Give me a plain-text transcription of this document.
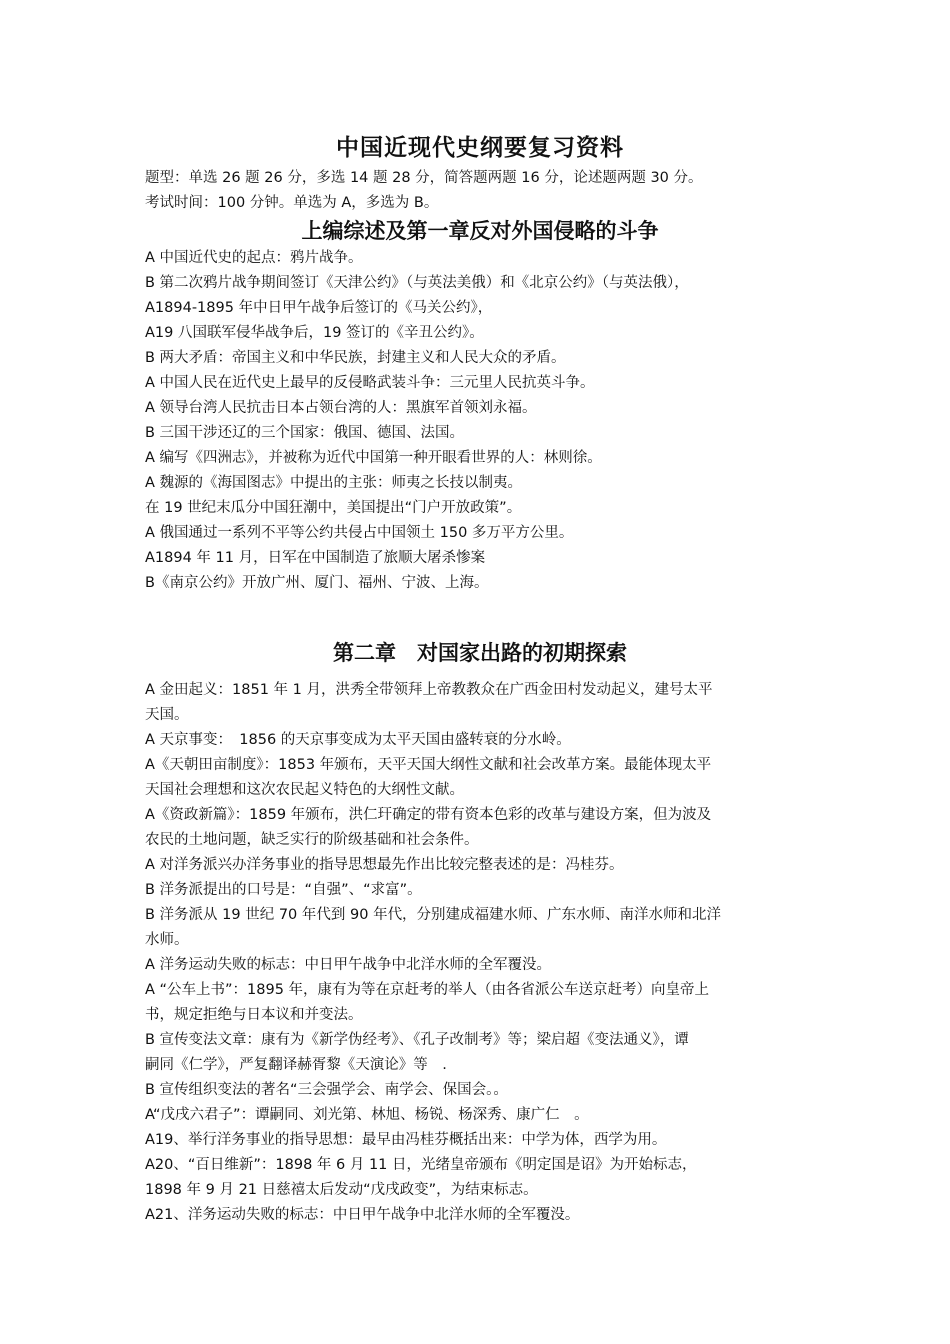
中国近现代史纲要复习资料

题型：单选 26 题 26 分，多选 14 题 28 分，简答题两题 16 分，论述题两题 30 分。

考试时间：100 分钟。单选为 A，多选为 B。

上编综述及第一章反对外国侵略的斗争

A 中国近代史的起点：鸦片战争。

B 第二次鸦片战争期间签订《天津公约》（与英法美俄）和《北京公约》（与英法俄），

A1894-1895 年中日甲午战争后签订的《马关公约》，

A19 八国联军侵华战争后，19 签订的《辛丑公约》。

B 两大矛盾：帝国主义和中华民族，封建主义和人民大众的矛盾。

A 中国人民在近代史上最早的反侵略武装斗争：三元里人民抗英斗争。

A 领导台湾人民抗击日本占领台湾的人：黑旗军首领刘永福。

B 三国干涉还辽的三个国家：俄国、德国、法国。

A 编写《四洲志》，并被称为近代中国第一种开眼看世界的人：林则徐。

A 魏源的《海国图志》中提出的主张：师夷之长技以制夷。

在 19 世纪末瓜分中国狂潮中，美国提出“门户开放政策”。

A 俄国通过一系列不平等公约共侵占中国领土 150 多万平方公里。

A1894 年 11 月，日军在中国制造了旅顺大屠杀惨案

B《南京公约》开放广州、厦门、福州、宁波、上海。

第二章　对国家出路的初期探索

A 金田起义：1851 年 1 月，洪秀全带领拜上帝教教众在广西金田村发动起义，建号太平

天国。

A 天京事变：　1856 的天京事变成为太平天国由盛转衰的分水岭。

A《天朝田亩制度》：1853 年颁布，天平天国大纲性文献和社会改革方案。最能体现太平

天国社会理想和这次农民起义特色的大纲性文献。

A《资政新篇》：1859 年颁布，洪仁玕确定的带有资本色彩的改革与建设方案，但为波及

农民的土地问题，缺乏实行的阶级基础和社会条件。

A 对洋务派兴办洋务事业的指导思想最先作出比较完整表述的是：冯桂芬。

B 洋务派提出的口号是：“自强”、“求富”。

B 洋务派从 19 世纪 70 年代到 90 年代，分别建成福建水师、广东水师、南洋水师和北洋

水师。

A 洋务运动失败的标志：中日甲午战争中北洋水师的全军覆没。

A “公车上书”：1895 年，康有为等在京赶考的举人（由各省派公车送京赶考）向皇帝上

书，规定拒绝与日本议和并变法。

B 宣传变法文章：康有为《新学伪经考》、《孔子改制考》等；梁启超《变法通义》，谭

嗣同《仁学》，严复翻译赫胥黎《天演论》等　.

B 宣传组织变法的著名“三会强学会、南学会、保国会。。

A“戊戌六君子”：谭嗣同、刘光第、林旭、杨锐、杨深秀、康广仁　。

A19、举行洋务事业的指导思想：最早由冯桂芬概括出来：中学为体，西学为用。

A20、“百日维新”：1898 年 6 月 11 日，光绪皇帝颁布《明定国是诏》为开始标志，

1898 年 9 月 21 日慈禧太后发动“戊戌政变”，为结束标志。

A21、洋务运动失败的标志：中日甲午战争中北洋水师的全军覆没。
